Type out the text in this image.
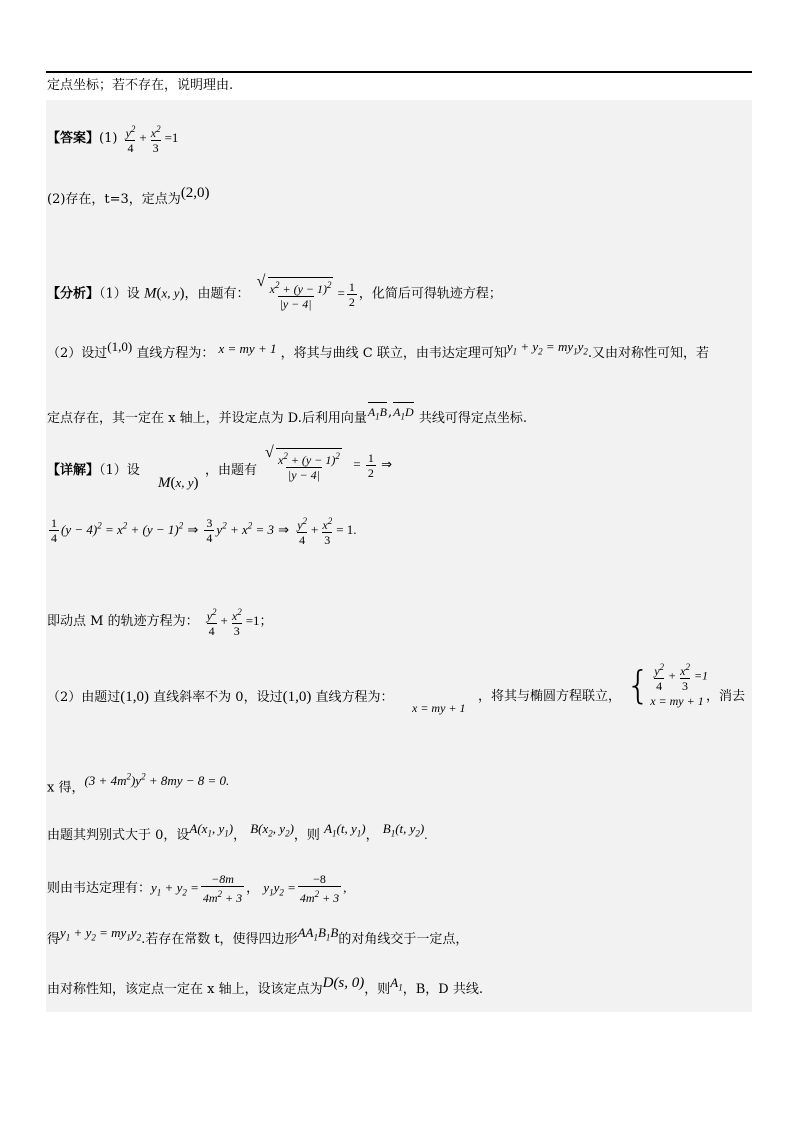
定点坐标；若不存在，说明理由.
【答案】$(1) \frac{y^2}{4} + \frac{x^2}{3} =1$
(2)存在，t=3，定点为(2,0)
【分析】（1）设 M(x, y)，由题有： √ $\frac{x^2 + (y - 1)^2}{|y - 4|} = \frac{1}{2}$ ，化简后可得轨迹方程；
（2）设过(1,0) 直线方程为： x = my + 1 ，将其与曲线 C 联立，由韦达定理可知$y_1 + y_2 = my_1y_2$.又由对称性可知，若
定点存在，其一定在 x 轴上，并设定点为 D.后利用向量$A_1B,A_1D$ 共线可得定点坐标.
【详解】（1）设
M(x, y)
，由题有 √ $\frac{x^2 + (y - 1)^2}{|y - 4|} = \frac{1}{2}$ ⇒
$\frac{1}{4} (y - 4)^2 = x^2 + (y - 1)^2$ ⇒ $\frac{3}{4} y^2 + x^2 = 3$ ⇒ $\frac{y^2}{4} + \frac{x^2}{3} = 1$.
即动点 M 的轨迹方程为： $\frac{y^2}{4} + \frac{x^2}{3} =1$；
（2）由题过(1,0) 直线斜率不为 0，设过(1,0) 直线方程为：
x = my + 1
，将其与椭圆方程联立， { $\frac{y^2}{4} + \frac{x^2}{3} =1$
x = my + 1 ，消去
x 得，$(3 + 4m^2)y^2 + 8my - 8 = 0$.
由题其判别式大于 0，设$A(x_1$, $y_1$)， $B(x_2$, $y_2$)，则 $A_1(t$, $y_1$)， $B_1(t$, $y_2$).
则由韦达定理有：$y_1 + y_2 = \frac{-8m}{4m^2 + 3}$ ， $y_1y_2 = \frac{-8}{4m^2 + 3}$ ,
得$y_1 + y_2 = my_1y_2$.若存在常数 t，使得四边形$AA_1B_1B$的对角线交于一定点，
由对称性知，该定点一定在 x 轴上，设该定点为D(s, 0)，则$A_1$，B，D 共线.
